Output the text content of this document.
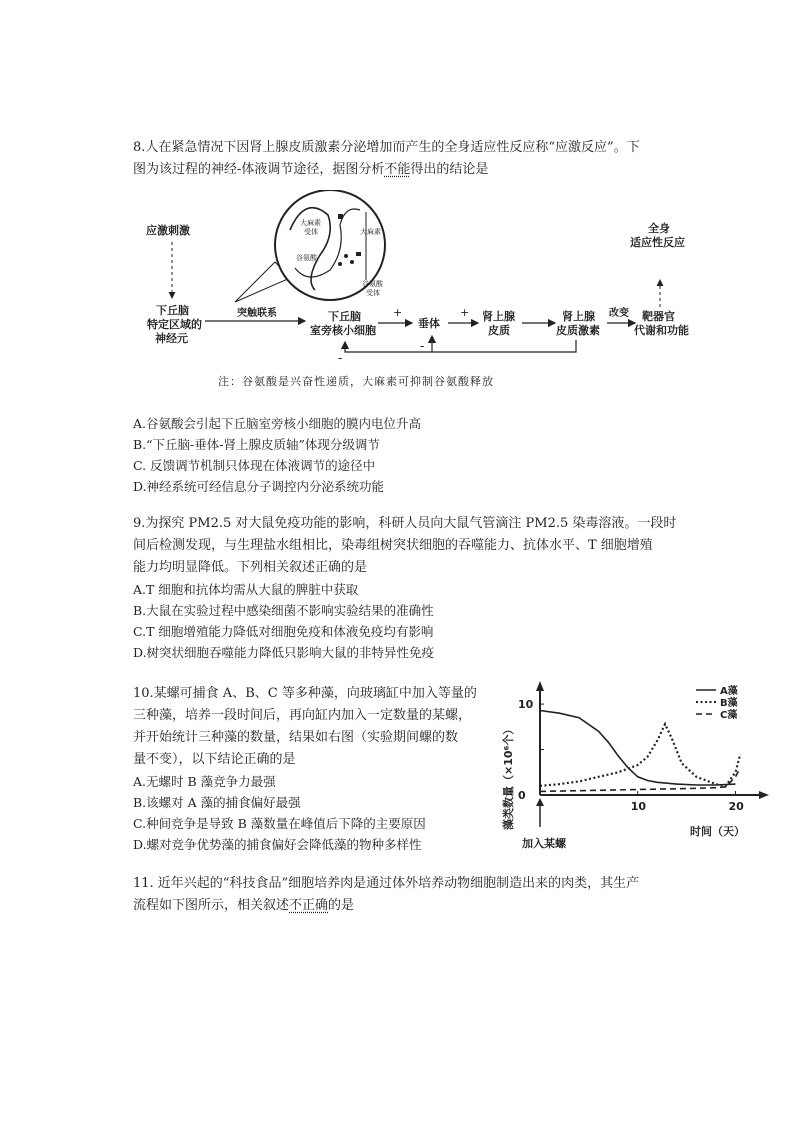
8.人在紧急情况下因肾上腺皮质激素分泌增加而产生的全身适应性反应称“应激反应”。下
图为该过程的神经-体液调节途径，据图分析不能得出的结论是
应激刺激
下丘脑
特定区域的
神经元
突触联系	下丘脑
室旁核小细胞
+
垂体
+ 肾上腺
皮质
肾上腺
皮质激素
改变 靶器官
代谢和功能
全身
适应性反应
-
-
大麻素
受体	大麻素
谷氨酸
谷氨酸
受体
注：谷氨酸是兴奋性递质，大麻素可抑制谷氨酸释放
A.谷氨酸会引起下丘脑室旁核小细胞的膜内电位升高
B.“下丘脑-垂体-肾上腺皮质轴”体现分级调节
C. 反馈调节机制只体现在体液调节的途径中
D.神经系统可经信息分子调控内分泌系统功能
9.为探究 PM2.5 对大鼠免疫功能的影响，科研人员向大鼠气管滴注 PM2.5 染毒溶液。一段时
间后检测发现，与生理盐水组相比，染毒组树突状细胞的吞噬能力、抗体水平、T 细胞增殖
能力均明显降低。下列相关叙述正确的是
A.T 细胞和抗体均需从大鼠的脾脏中获取
B.大鼠在实验过程中感染细菌不影响实验结果的准确性
C.T 细胞增殖能力降低对细胞免疫和体液免疫均有影响
D.树突状细胞吞噬能力降低只影响大鼠的非特异性免疫
10.某螺可捕食 A、B、C 等多种藻，向玻璃缸中加入等量的
三种藻，培养一段时间后，再向缸内加入一定数量的某螺，
并开始统计三种藻的数量，结果如右图（实验期间螺的数
量不变），以下结论正确的是
A.无螺时 B 藻竞争力最强
B.该螺对 A 藻的捕食偏好最强
C.种间竞争是导致 B 藻数量在峰值后下降的主要原因
D.螺对竞争优势藻的捕食偏好会降低藻的物种多样性
10	20
0
10
时间（天）
藻类数量（×10⁶个）
加入某螺
A藻
B藻
C藻
11. 近年兴起的“科技食品”细胞培养肉是通过体外培养动物细胞制造出来的肉类，其生产
流程如下图所示，相关叙述不正确的是
